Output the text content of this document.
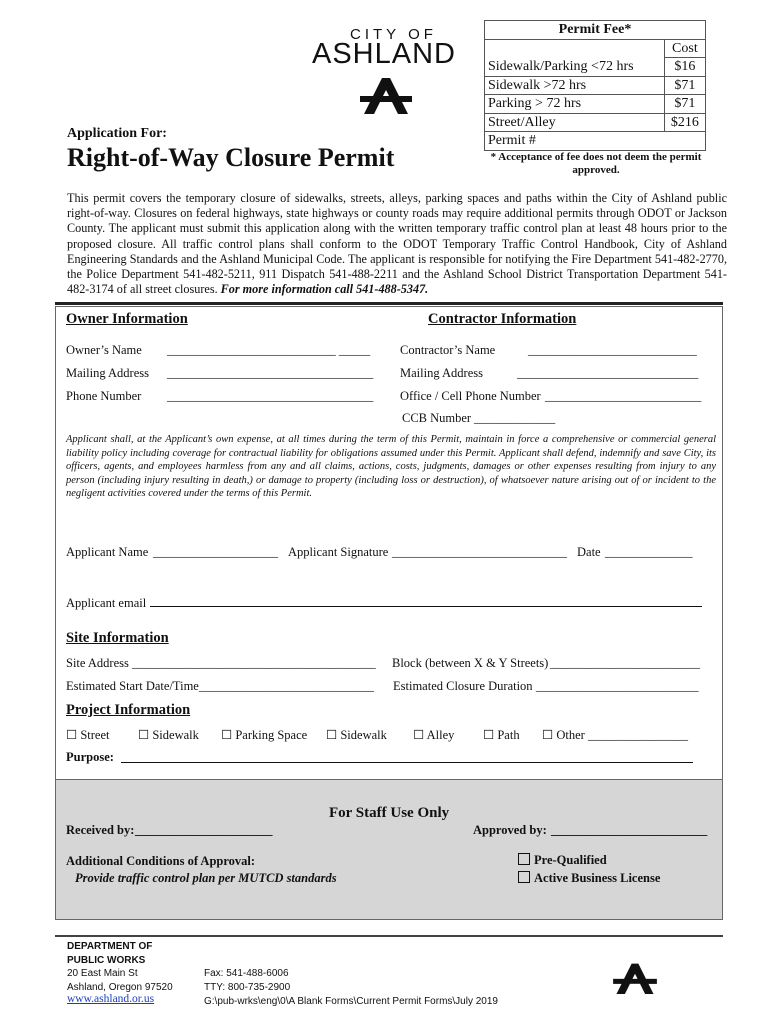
CITY OF
ASHLAND
Permit Fee*	
	Cost
Sidewalk/Parking <72 hrs	$16
Sidewalk >72 hrs	$71
Parking > 72 hrs	$71
Street/Alley	$216
Permit #	
* Acceptance of fee does not deem the permit approved.
Application For:
Right-of-Way Closure Permit
This permit covers the temporary closure of sidewalks, streets, alleys, parking spaces and paths within the City of Ashland public right-of-way. Closures on federal highways, state highways or county roads may require additional permits through ODOT or Jackson County. The applicant must submit this application along with the written temporary traffic control plan at least 48 hours prior to the proposed closure. All traffic control plans shall conform to the ODOT Temporary Traffic Control Handbook, City of Ashland Engineering Standards and the Ashland Municipal Code. The applicant is responsible for notifying the Fire Department 541-482-2770, the Police Department 541-482-5211, 911 Dispatch 541-488-2211 and the Ashland School District Transportation Department 541-482-3174 of all street closures. For more information call 541-488-5347.
Owner Information
Owner’s Name ___________________________ _____
Mailing Address _________________________________
Phone Number _________________________________
Contractor Information
Contractor’s Name	___________________________
Mailing Address	_____________________________
Office / Cell Phone Number _________________________
CCB Number _____________
Applicant shall, at the Applicant’s own expense, at all times during the term of this Permit, maintain in force a comprehensive or commercial general liability policy including coverage for contractual liability for obligations assumed under this Permit. Applicant shall defend, indemnify and save City, its officers, agents, and employees harmless from any and all claims, actions, costs, judgments, damages or other expenses resulting from injury to any person (including injury resulting in death,) or damage to property (including loss or destruction), of whatsoever nature arising out of or incident to the negligent activities covered under the terms of this Permit.
Applicant Name ____________________ Applicant Signature ____________________________ Date ______________
Applicant email
Site Information
Site Address _______________________________________ Block (between X & Y Streets) ________________________
Estimated Start Date/Time ____________________________ Estimated Closure Duration __________________________
Project Information
☐ Street ☐ Sidewalk ☐ Parking Space ☐ Sidewalk ☐ Alley ☐ Path ☐ Other ________________
Purpose:
For Staff Use Only
Received by: ______________________	Approved by: _________________________
Additional Conditions of Approval:
Provide traffic control plan per MUTCD standards
Pre-Qualified
Active Business License
DEPARTMENT OF
PUBLIC WORKS
20 East Main St
Ashland, Oregon 97520
www.ashland.or.us
Fax: 541-488-6006
TTY: 800-735-2900
G:\pub-wrks\eng\0\A Blank Forms\Current Permit Forms\July 2019
